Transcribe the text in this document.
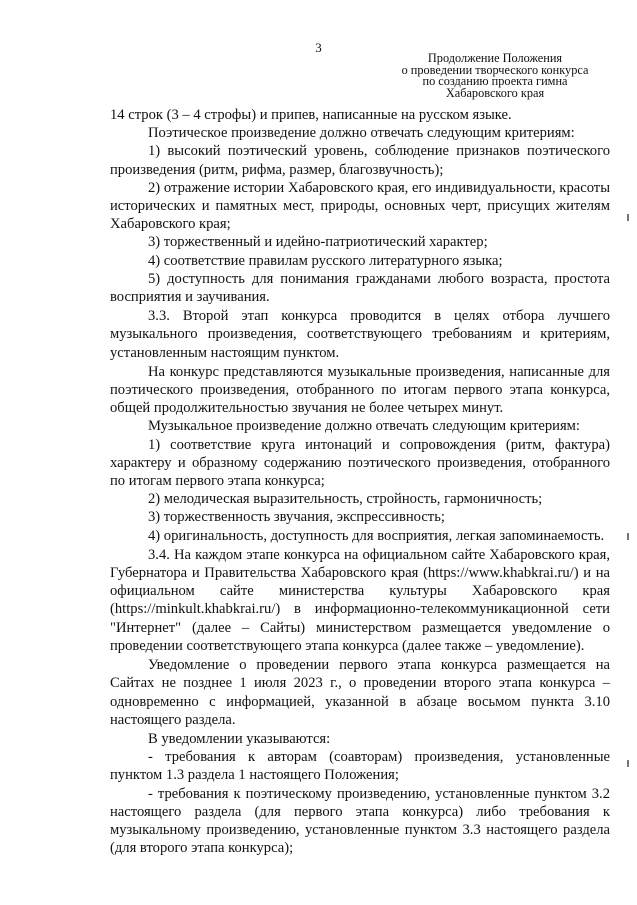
3
Продолжение Положения
о проведении творческого конкурса
по созданию проекта гимна
Хабаровского края

14 строк (3 – 4 строфы) и припев, написанные на русском языке.

Поэтическое произведение должно отвечать следующим критериям:

1) высокий поэтический уровень, соблюдение признаков поэтического произведения (ритм, рифма, размер, благозвучность);

2) отражение истории Хабаровского края, его индивидуальности, красоты исторических и памятных мест, природы, основных черт, присущих жителям Хабаровского края;

3) торжественный и идейно-патриотический характер;

4) соответствие правилам русского литературного языка;

5) доступность для понимания гражданами любого возраста, простота восприятия и заучивания.

3.3. Второй этап конкурса проводится в целях отбора лучшего музыкального произведения, соответствующего требованиям и критериям, установленным настоящим пунктом.

На конкурс представляются музыкальные произведения, написанные для поэтического произведения, отобранного по итогам первого этапа конкурса, общей продолжительностью звучания не более четырех минут.

Музыкальное произведение должно отвечать следующим критериям:

1) соответствие круга интонаций и сопровождения (ритм, фактура) характеру и образному содержанию поэтического произведения, отобранного по итогам первого этапа конкурса;

2) мелодическая выразительность, стройность, гармоничность;

3) торжественность звучания, экспрессивность;

4) оригинальность, доступность для восприятия, легкая запоминаемость.

3.4. На каждом этапе конкурса на официальном сайте Хабаровского края, Губернатора и Правительства Хабаровского края (https://www.khabkrai.ru/) и на официальном сайте министерства культуры Хабаровского края (https://minkult.khabkrai.ru/) в информационно-телекоммуникационной сети "Интернет" (далее – Сайты) министерством размещается уведомление о проведении соответствующего этапа конкурса (далее также – уведомление).

Уведомление о проведении первого этапа конкурса размещается на Сайтах не позднее 1 июля 2023 г., о проведении второго этапа конкурса – одновременно с информацией, указанной в абзаце восьмом пункта 3.10 настоящего раздела.

В уведомлении указываются:

- требования к авторам (соавторам) произведения, установленные пунктом 1.3 раздела 1 настоящего Положения;

- требования к поэтическому произведению, установленные пунктом 3.2 настоящего раздела (для первого этапа конкурса) либо требования к музыкальному произведению, установленные пунктом 3.3 настоящего раздела (для второго этапа конкурса);
